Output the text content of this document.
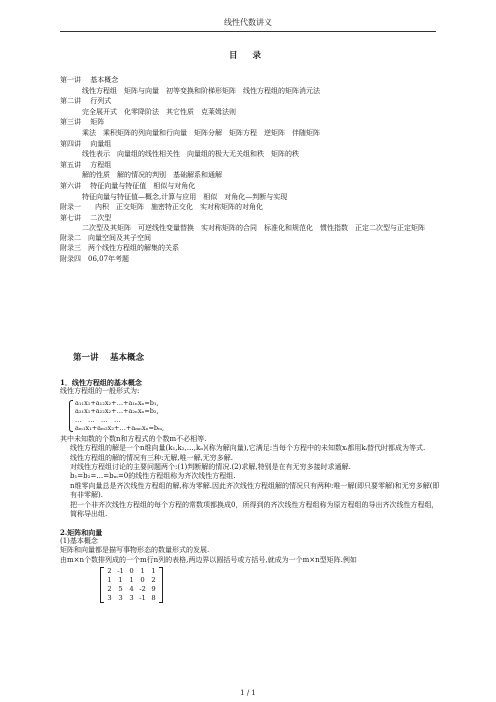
线性代数讲义
目 录
第一讲　 基本概念
线性方程组　矩阵与向量　初等变换和阶梯形矩阵　线性方程组的矩阵消元法
第二讲　 行列式
完全展开式　化零降阶法　其它性质　克莱姆法则
第三讲　 矩阵
乘法　乘积矩阵的列向量和行向量　矩阵分解　矩阵方程　逆矩阵　伴随矩阵
第四讲　 向量组
线性表示　向量组的线性相关性　向量组的极大无关组和秩　矩阵的秩
第五讲　 方程组
解的性质　解的情况的判别　基础解系和通解
第六讲　 特征向量与特征值　相似与对角化
特征向量与特征值—概念,计算与应用　相似　对角化—判断与实现
附录一　　内积　正交矩阵　施密特正交化　实对称矩阵的对角化
第七讲　 二次型
二次型及其矩阵　可逆线性变量替换　实对称矩阵的合同　标准化和规范化　惯性指数　正定二次型与正定矩阵
附录二　向量空间及其子空间
附录三　两个线性方程组的解集的关系
附录四　06,07年考题
第一讲　 基本概念
1．线性方程组的基本概念
线性方程组的一般形式为:
a₁₁x₁+a₁₂x₂+…+a₁ₙxₙ=b₁,
a₂₁x₁+a₂₂x₂+…+a₂ₙxₙ=b₂,
…　…　…　…
aₘ₁x₁+aₘ₂x₂+…+aₘₙxₙ=bₘ,
其中未知数的个数n和方程式的个数m不必相等.
线性方程组的解是一个n维向量(k₁,k₂,…,kₙ)(称为解向量),它满足:当每个方程中的未知数xᵢ都用kᵢ替代时都成为等式.
线性方程组的解的情况有三种:无解,唯一解,无穷多解.
对线性方程组讨论的主要问题两个:(1)判断解的情况.(2)求解,特别是在有无穷多接时求通解.
b₁=b₂=…=bₘ=0的线性方程组称为齐次线性方程组.
n维零向量总是齐次线性方程组的解,称为零解.因此齐次线性方程组解的情况只有两种:唯一解(即只要零解)和无穷多解(即有非零解).
把一个非齐次线性方程组的每个方程的常数项都换成0，所得到的齐次线性方程组称为原方程组的导出齐次线性方程组，简称导出组.
2.矩阵和向量
(1)基本概念
矩阵和向量都是描写事物形态的数量形式的发展.
由m×n个数排列成的一个m行n列的表格,两边界以圆括号或方括号,就成为一个m×n型矩阵.例如
2 -1 0 1 1
1 1 1 0 2
2 5 4 -2 9
3 3 3 -1 8
1 / 1
